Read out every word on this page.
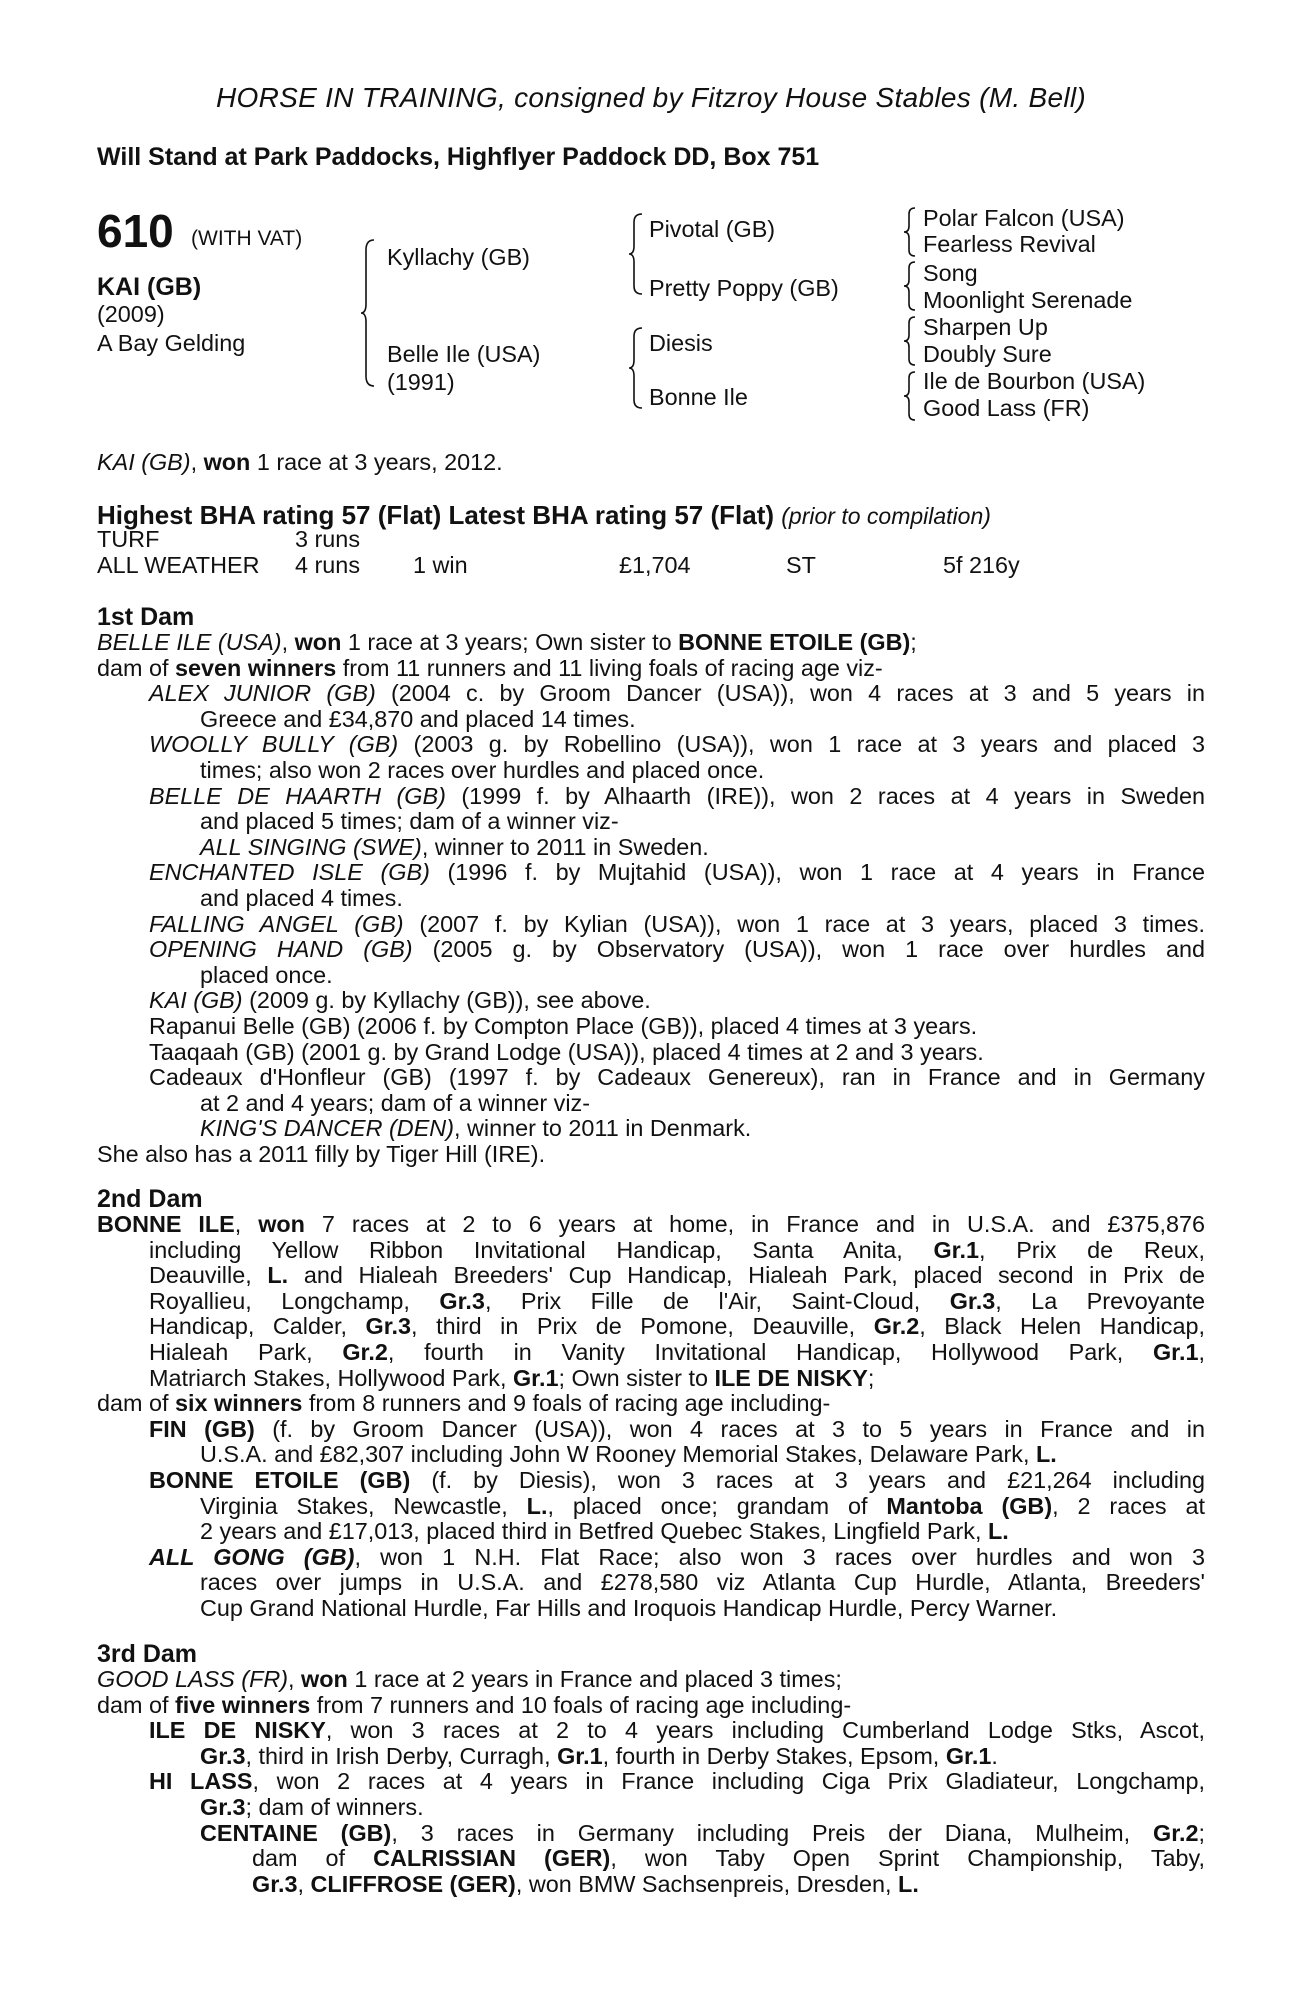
HORSE IN TRAINING, consigned by Fitzroy House Stables (M. Bell)
Will Stand at Park Paddocks, Highflyer Paddock DD, Box 751
610 (WITH VAT)
KAI (GB)
(2009)
A Bay Gelding
Kyllachy (GB)
Belle Ile (USA)
(1991)
Pivotal (GB)
Pretty Poppy (GB)
Diesis
Bonne Ile
Polar Falcon (USA)
Fearless Revival
Song
Moonlight Serenade
Sharpen Up
Doubly Sure
Ile de Bourbon (USA)
Good Lass (FR)
KAI (GB), won 1 race at 3 years, 2012.
Highest BHA rating 57 (Flat) Latest BHA rating 57 (Flat) (prior to compilation)
TURF	3 runs
ALL WEATHER 4 runs 1 win	£1,704	ST	5f 216y
1st Dam
BELLE ILE (USA), won 1 race at 3 years; Own sister to BONNE ETOILE (GB);
dam of seven winners from 11 runners and 11 living foals of racing age viz-
ALEX JUNIOR (GB) (2004 c. by Groom Dancer (USA)), won 4 races at 3 and 5 years in
Greece and £34,870 and placed 14 times.
WOOLLY BULLY (GB) (2003 g. by Robellino (USA)), won 1 race at 3 years and placed 3
times; also won 2 races over hurdles and placed once.
BELLE DE HAARTH (GB) (1999 f. by Alhaarth (IRE)), won 2 races at 4 years in Sweden
and placed 5 times; dam of a winner viz-
ALL SINGING (SWE), winner to 2011 in Sweden.
ENCHANTED ISLE (GB) (1996 f. by Mujtahid (USA)), won 1 race at 4 years in France
and placed 4 times.
FALLING ANGEL (GB) (2007 f. by Kylian (USA)), won 1 race at 3 years, placed 3 times.
OPENING HAND (GB) (2005 g. by Observatory (USA)), won 1 race over hurdles and
placed once.
KAI (GB) (2009 g. by Kyllachy (GB)), see above.
Rapanui Belle (GB) (2006 f. by Compton Place (GB)), placed 4 times at 3 years.
Taaqaah (GB) (2001 g. by Grand Lodge (USA)), placed 4 times at 2 and 3 years.
Cadeaux d'Honfleur (GB) (1997 f. by Cadeaux Genereux), ran in France and in Germany
at 2 and 4 years; dam of a winner viz-
KING'S DANCER (DEN), winner to 2011 in Denmark.
She also has a 2011 filly by Tiger Hill (IRE).
2nd Dam
BONNE ILE, won 7 races at 2 to 6 years at home, in France and in U.S.A. and £375,876
including Yellow Ribbon Invitational Handicap, Santa Anita, Gr.1, Prix de Reux,
Deauville, L. and Hialeah Breeders' Cup Handicap, Hialeah Park, placed second in Prix de
Royallieu, Longchamp, Gr.3, Prix Fille de l'Air, Saint-Cloud, Gr.3, La Prevoyante
Handicap, Calder, Gr.3, third in Prix de Pomone, Deauville, Gr.2, Black Helen Handicap,
Hialeah Park, Gr.2, fourth in Vanity Invitational Handicap, Hollywood Park, Gr.1,
Matriarch Stakes, Hollywood Park, Gr.1; Own sister to ILE DE NISKY;
dam of six winners from 8 runners and 9 foals of racing age including-
FIN (GB) (f. by Groom Dancer (USA)), won 4 races at 3 to 5 years in France and in
U.S.A. and £82,307 including John W Rooney Memorial Stakes, Delaware Park, L.
BONNE ETOILE (GB) (f. by Diesis), won 3 races at 3 years and £21,264 including
Virginia Stakes, Newcastle, L., placed once; grandam of Mantoba (GB), 2 races at
2 years and £17,013, placed third in Betfred Quebec Stakes, Lingfield Park, L.
ALL GONG (GB), won 1 N.H. Flat Race; also won 3 races over hurdles and won 3
races over jumps in U.S.A. and £278,580 viz Atlanta Cup Hurdle, Atlanta, Breeders'
Cup Grand National Hurdle, Far Hills and Iroquois Handicap Hurdle, Percy Warner.
3rd Dam
GOOD LASS (FR), won 1 race at 2 years in France and placed 3 times;
dam of five winners from 7 runners and 10 foals of racing age including-
ILE DE NISKY, won 3 races at 2 to 4 years including Cumberland Lodge Stks, Ascot,
Gr.3, third in Irish Derby, Curragh, Gr.1, fourth in Derby Stakes, Epsom, Gr.1.
HI LASS, won 2 races at 4 years in France including Ciga Prix Gladiateur, Longchamp,
Gr.3; dam of winners.
CENTAINE (GB), 3 races in Germany including Preis der Diana, Mulheim, Gr.2;
dam of CALRISSIAN (GER), won Taby Open Sprint Championship, Taby,
Gr.3, CLIFFROSE (GER), won BMW Sachsenpreis, Dresden, L.
